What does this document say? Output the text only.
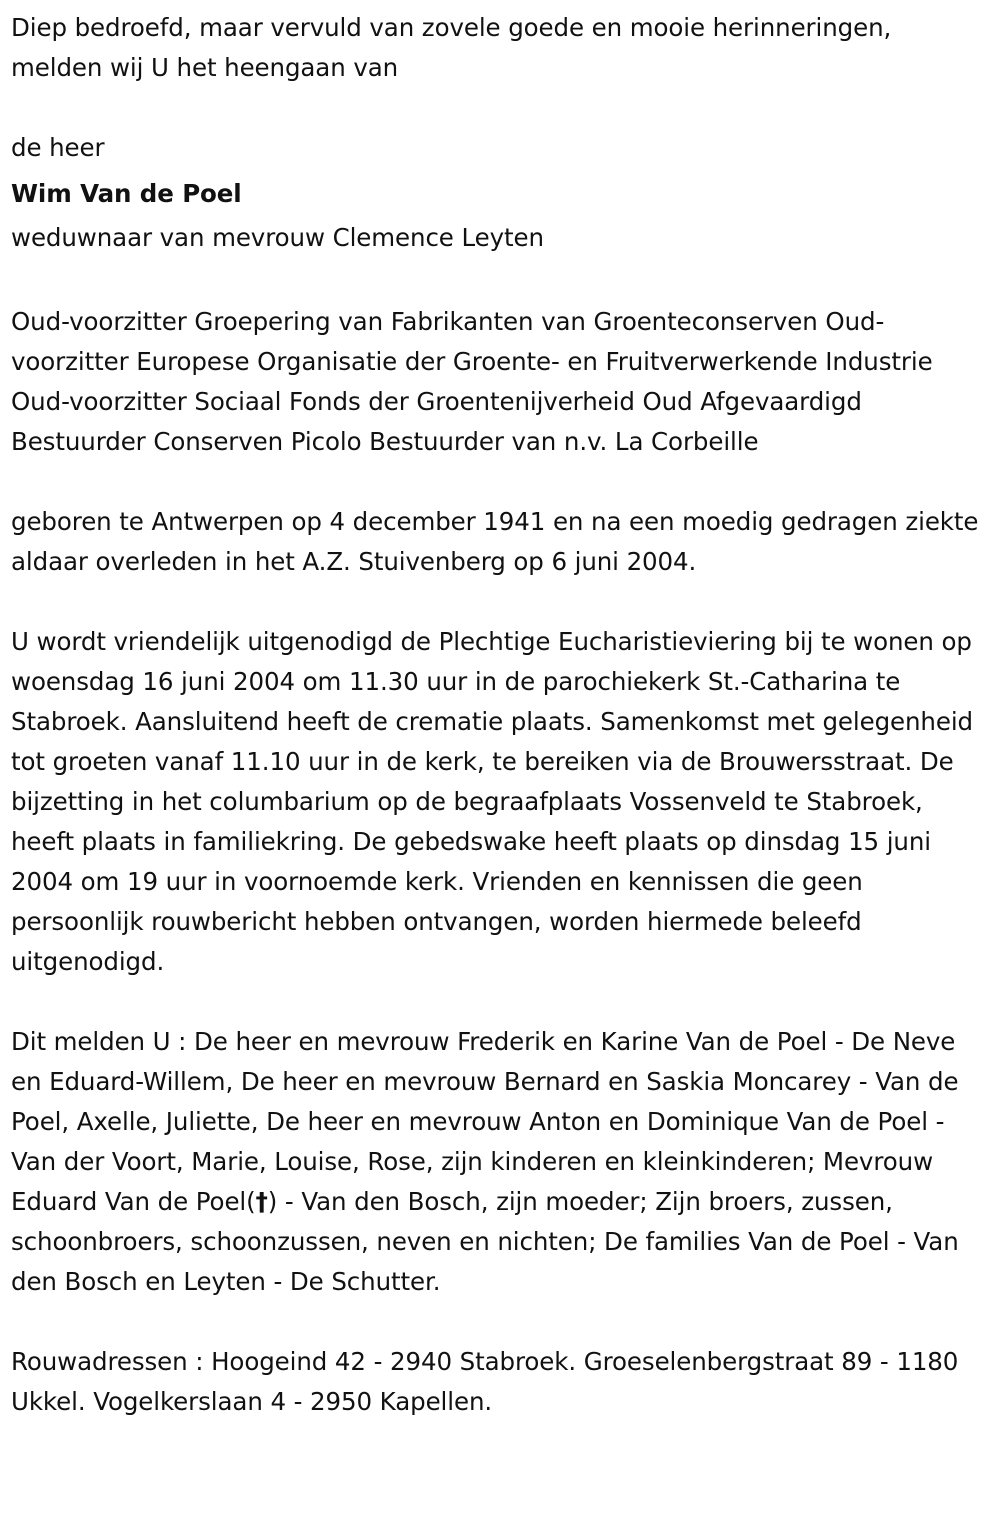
Diep bedroefd, maar vervuld van zovele goede en mooie herinneringen, melden wij U het heengaan van

de heer

Wim Van de Poel

weduwnaar van mevrouw Clemence Leyten

Oud-voorzitter Groepering van Fabrikanten van Groenteconserven Oud-voorzitter Europese Organisatie der Groente- en Fruitverwerkende Industrie Oud-voorzitter Sociaal Fonds der Groentenijverheid Oud Afgevaardigd Bestuurder Conserven Picolo Bestuurder van n.v. La Corbeille

geboren te Antwerpen op 4 december 1941 en na een moedig gedragen ziekte aldaar overleden in het A.Z. Stuivenberg op 6 juni 2004.

U wordt vriendelijk uitgenodigd de Plechtige Eucharistieviering bij te wonen op woensdag 16 juni 2004 om 11.30 uur in de parochiekerk St.-Catharina te Stabroek. Aansluitend heeft de crematie plaats. Samenkomst met gelegenheid tot groeten vanaf 11.10 uur in de kerk, te bereiken via de Brouwersstraat. De bijzetting in het columbarium op de begraafplaats Vossenveld te Stabroek, heeft plaats in familiekring. De gebedswake heeft plaats op dinsdag 15 juni 2004 om 19 uur in voornoemde kerk. Vrienden en kennissen die geen persoonlijk rouwbericht hebben ontvangen, worden hiermede beleefd uitgenodigd.

Dit melden U : De heer en mevrouw Frederik en Karine Van de Poel - De Neve en Eduard-Willem, De heer en mevrouw Bernard en Saskia Moncarey - Van de Poel, Axelle, Juliette, De heer en mevrouw Anton en Dominique Van de Poel - Van der Voort, Marie, Louise, Rose, zijn kinderen en kleinkinderen; Mevrouw Eduard Van de Poel(†) - Van den Bosch, zijn moeder; Zijn broers, zussen, schoonbroers, schoonzussen, neven en nichten; De families Van de Poel - Van den Bosch en Leyten - De Schutter.

Rouwadressen : Hoogeind 42 - 2940 Stabroek. Groeselenbergstraat 89 - 1180 Ukkel. Vogelkerslaan 4 - 2950 Kapellen.
